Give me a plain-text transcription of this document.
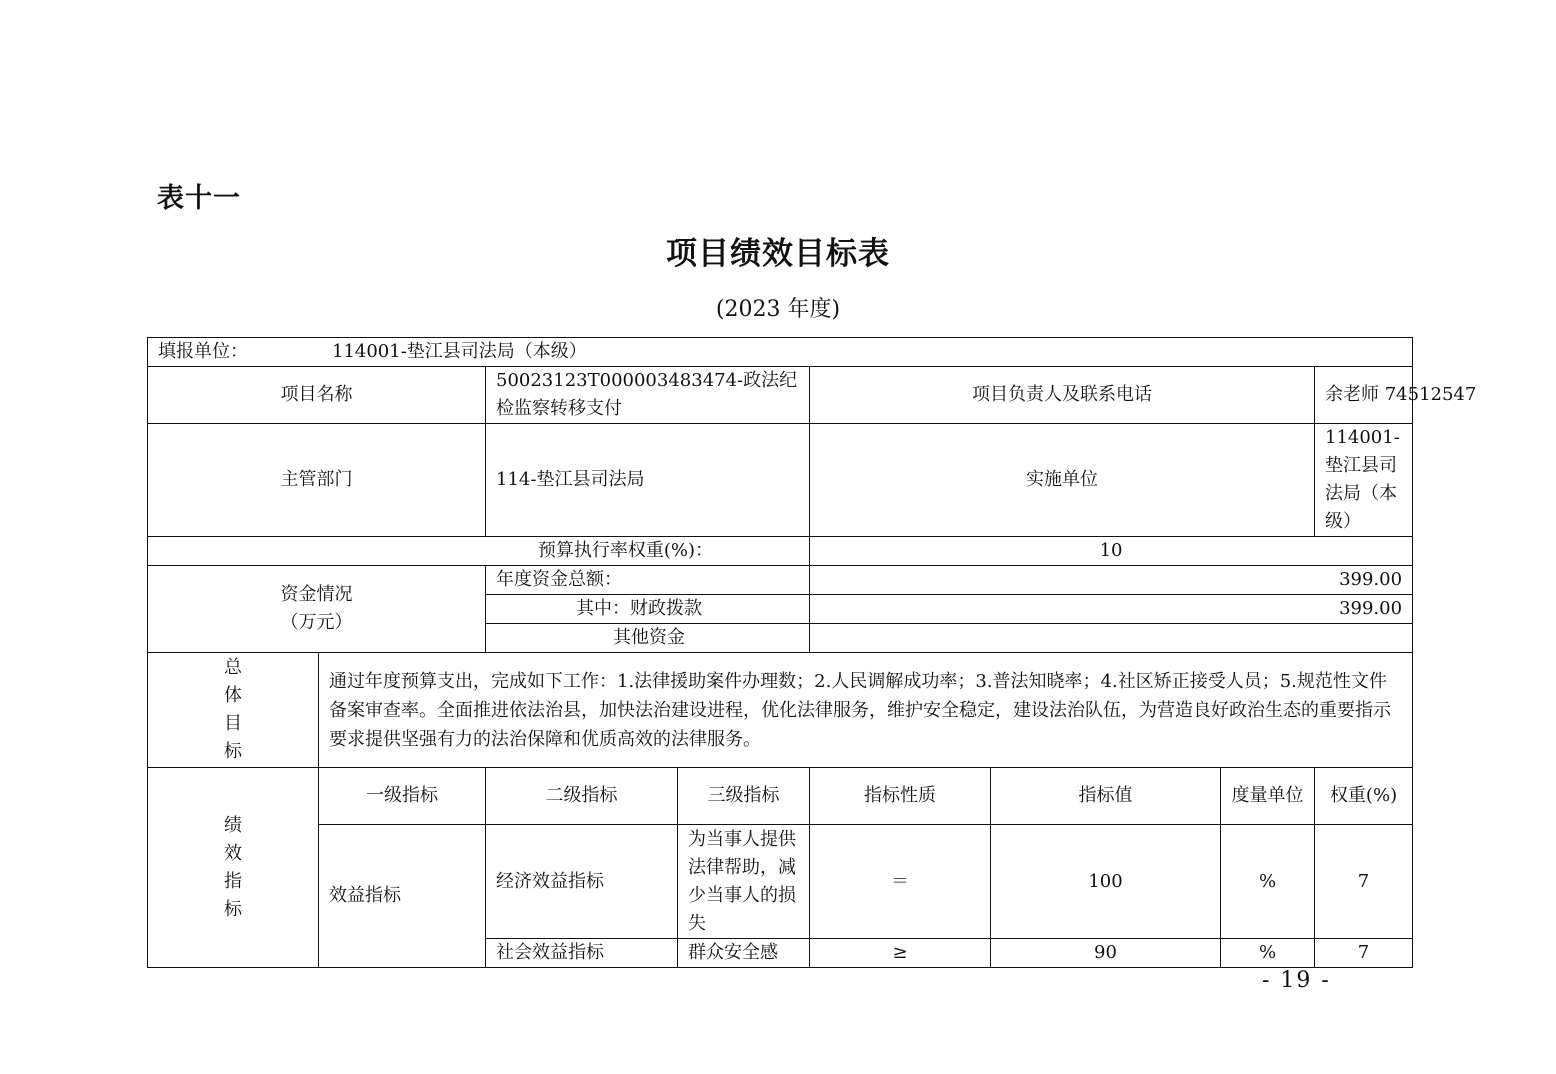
表十一
项目绩效目标表
(2023 年度)
填报单位： 114001-垫江县司法局（本级）							
项目名称		50023123T000003483474-政法纪检监察转移支付		项目负责人及联系电话			余老师 74512547
主管部门		114-垫江县司法局		实施单位			114001-垫江县司法局（本级）
预算执行率权重(%)：				10			

资金情况
（万元）		年度资金总额：		399.00			
		其中：财政拨款		399.00			
		其他资金					

总
体
目
标	通过年度预算支出，完成如下工作：1.法律援助案件办理数；2.人民调解成功率；3.普法知晓率；4.社区矫正接受人员；5.规范性文件备案审查率。全面推进依法治县，加快法治建设进程，优化法律服务，维护安全稳定，建设法治队伍，为营造良好政治生态的重要指示要求提供坚强有力的法治保障和优质高效的法律服务。						

绩
效
指
标	一级指标	二级指标	三级指标	指标性质	指标值	度量单位	权重(%)
	效益指标	经济效益指标	为当事人提供法律帮助，减少当事人的损失	＝	100	%	7
		社会效益指标	群众安全感	≥	90	%	7
- 19 -
